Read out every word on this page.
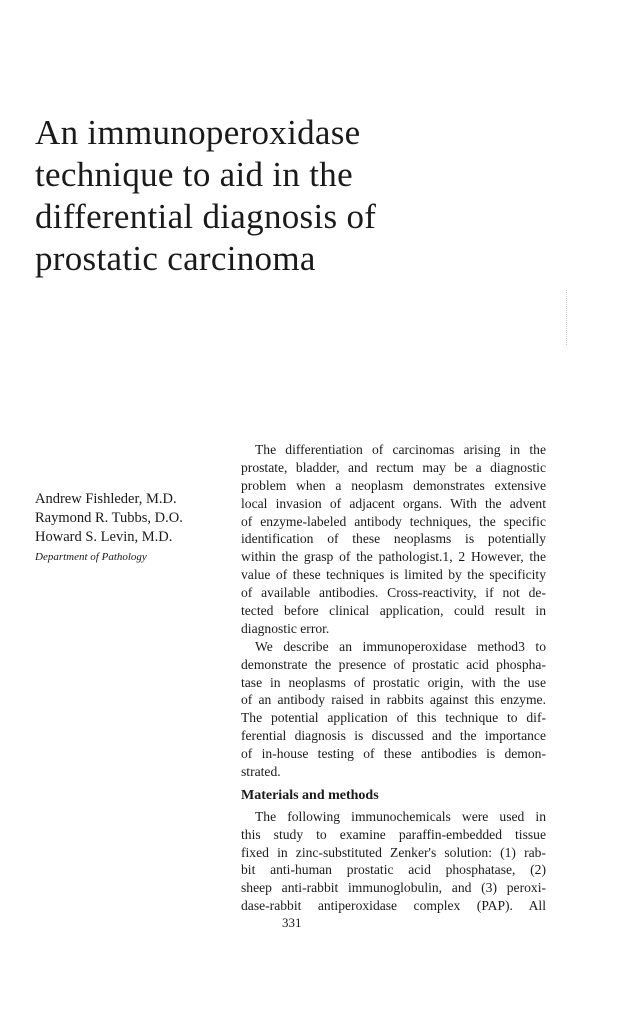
An immunoperoxidase
technique to aid in the
differential diagnosis of
prostatic carcinoma
Andrew Fishleder, M.D.
Raymond R. Tubbs, D.O.
Howard S. Levin, M.D.
Department of Pathology
The differentiation of carcinomas arising in the
prostate, bladder, and rectum may be a diagnostic
problem when a neoplasm demonstrates extensive
local invasion of adjacent organs. With the advent
of enzyme-labeled antibody techniques, the specific
identification of these neoplasms is potentially
within the grasp of the pathologist.1, 2 However, the
value of these techniques is limited by the specificity
of available antibodies. Cross-reactivity, if not de-
tected before clinical application, could result in
diagnostic error.
We describe an immunoperoxidase method3 to
demonstrate the presence of prostatic acid phospha-
tase in neoplasms of prostatic origin, with the use
of an antibody raised in rabbits against this enzyme.
The potential application of this technique to dif-
ferential diagnosis is discussed and the importance
of in-house testing of these antibodies is demon-
strated.
Materials and methods
The following immunochemicals were used in
this study to examine paraffin-embedded tissue
fixed in zinc-substituted Zenker's solution: (1) rab-
bit anti-human prostatic acid phosphatase, (2)
sheep anti-rabbit immunoglobulin, and (3) peroxi-
dase-rabbit antiperoxidase complex (PAP). All
331
